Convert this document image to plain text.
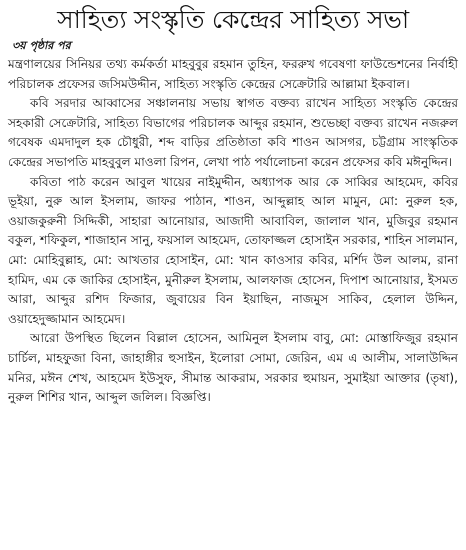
সাহিত্য সংস্কৃতি কেন্দ্রের সাহিত্য সভা
৩য় পৃষ্ঠার পর

মন্ত্রণালয়ের সিনিয়র তথ্য কর্মকর্তা মাহবুবুর রহমান তুহিন, ফররুখ গবেষণা ফাউন্ডেশনের নির্বাহী পরিচালক প্রফেসর জসিমউদ্দীন, সাহিত্য সংস্কৃতি কেন্দ্রের সেক্রেটারি আল্লামা ইকবাল।

কবি সরদার আব্বাসের সঞ্চালনায় সভায় স্বাগত বক্তব্য রাখেন সাহিত্য সংস্কৃতি কেন্দ্রের সহকারী সেক্রেটারি, সাহিত্য বিভাগের পরিচালক আব্দুর রহমান, শুভেচ্ছা বক্তব্য রাখেন নজরুল গবেষক এমদাদুল হক চৌধুরী, শব্দ বাড়ির প্রতিষ্ঠাতা কবি শাওন আসগর, চট্টগ্রাম সাংস্কৃতিক কেন্দ্রের সভাপতি মাহবুবুল মাওলা রিপন, লেখা পাঠ পর্যালোচনা করেন প্রফেসর কবি মঈনুদ্দিন।

কবিতা পাঠ করেন আবুল খায়ের নাইমুদ্দীন, অধ্যাপক আর কে সাব্বির আহমেদ, কবির ভূইয়া, নুরু আল ইসলাম, জাফর পাঠান, শাওন, আব্দুল্লাহ আল মামুন, মো: নুরুল হক, ওয়াজকুরুনী সিদ্দিকী, সাহারা আনোয়ার, আজাদী আবাবিল, জালাল খান, মুজিবুর রহমান বকুল, শফিকুল, শাজাহান সানু, ফয়সাল আহমেদ, তোফাজ্জল হোসাইন সরকার, শাহিন সালমান, মো: মোহিবুল্লাহ, মো: আখতার হোসাইন, মো: খান কাওসার কবির, মর্শিদ উল আলম, রানা হামিদ, এম কে জাকির হোসাইন, মুনীরুল ইসলাম, আলফাজ হোসেন, দিপাশ আনোয়ার, ইসমত আরা, আব্দুর রশিদ ফিজার, জুবায়ের বিন ইয়াছিন, নাজমুস সাকিব, হেলাল উদ্দিন, ওয়াহেদুজ্জামান আহমেদ।

আরো উপস্থিত ছিলেন বিল্লাল হোসেন, আমিনুল ইসলাম বাবু, মো: মোস্তাফিজুর রহমান চার্চিল, মাহফুজা বিনা, জাহাঙ্গীর হুসাইন, ইলোরা সোমা, জেরিন, এম এ আলীম, সালাউদ্দিন মনির, মঈন শেখ, আহমেদ ইউসুফ, সীমান্ত আকরাম, সরকার হুমায়ন, সুমাইয়া আক্তার (তৃষা), নুরুল শিশির খান, আব্দুল জলিল। বিজ্ঞপ্তি।
